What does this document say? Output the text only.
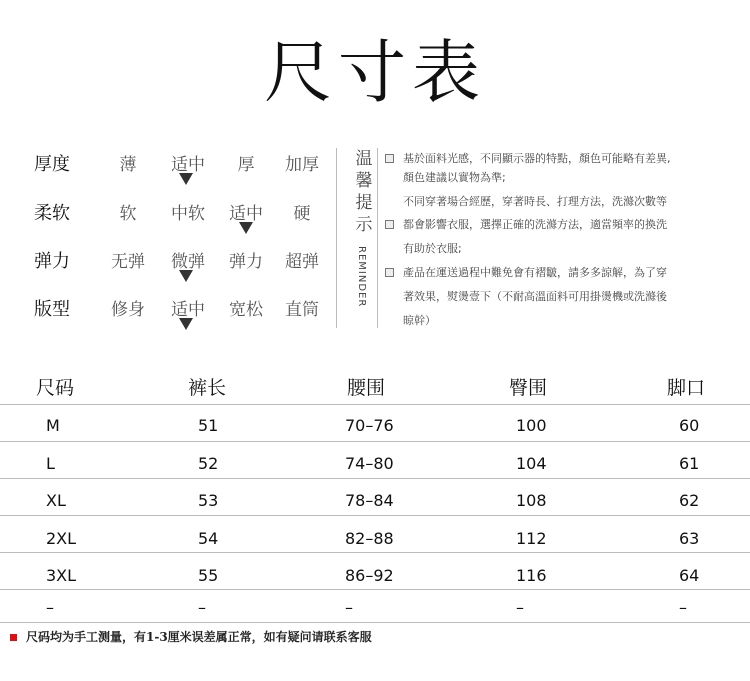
尺寸表
厚度	薄	适中	厚	加厚
柔软	软	中软	适中	硬
弹力	无弹	微弹	弹力	超弹
版型	修身	适中	宽松	直筒
温
馨
提
示
REMINDER
基於面料光感，不同顯示器的特點，顏色可能略有差異,
顏色建議以實物為準;
不同穿著場合經歷，穿著時長、打理方法，洗滌次數等
都會影響衣服，選擇正確的洗滌方法，適當頻率的換洗
有助於衣服;
產品在運送過程中難免會有褶皺，請多多諒解，為了穿
著效果，熨燙壹下（不耐高溫面料可用掛燙機或洗滌後
晾幹）
尺码	裤长	腰围	臀围	脚口
M	51	70–76	100	60
L	52	74–80	104	61
XL	53	78–84	108	62
2XL	54	82–88	112	63
3XL	55	86–92	116	64
–	–	–	–	–
尺码均为手工测量，有1-3厘米误差属正常，如有疑问请联系客服
